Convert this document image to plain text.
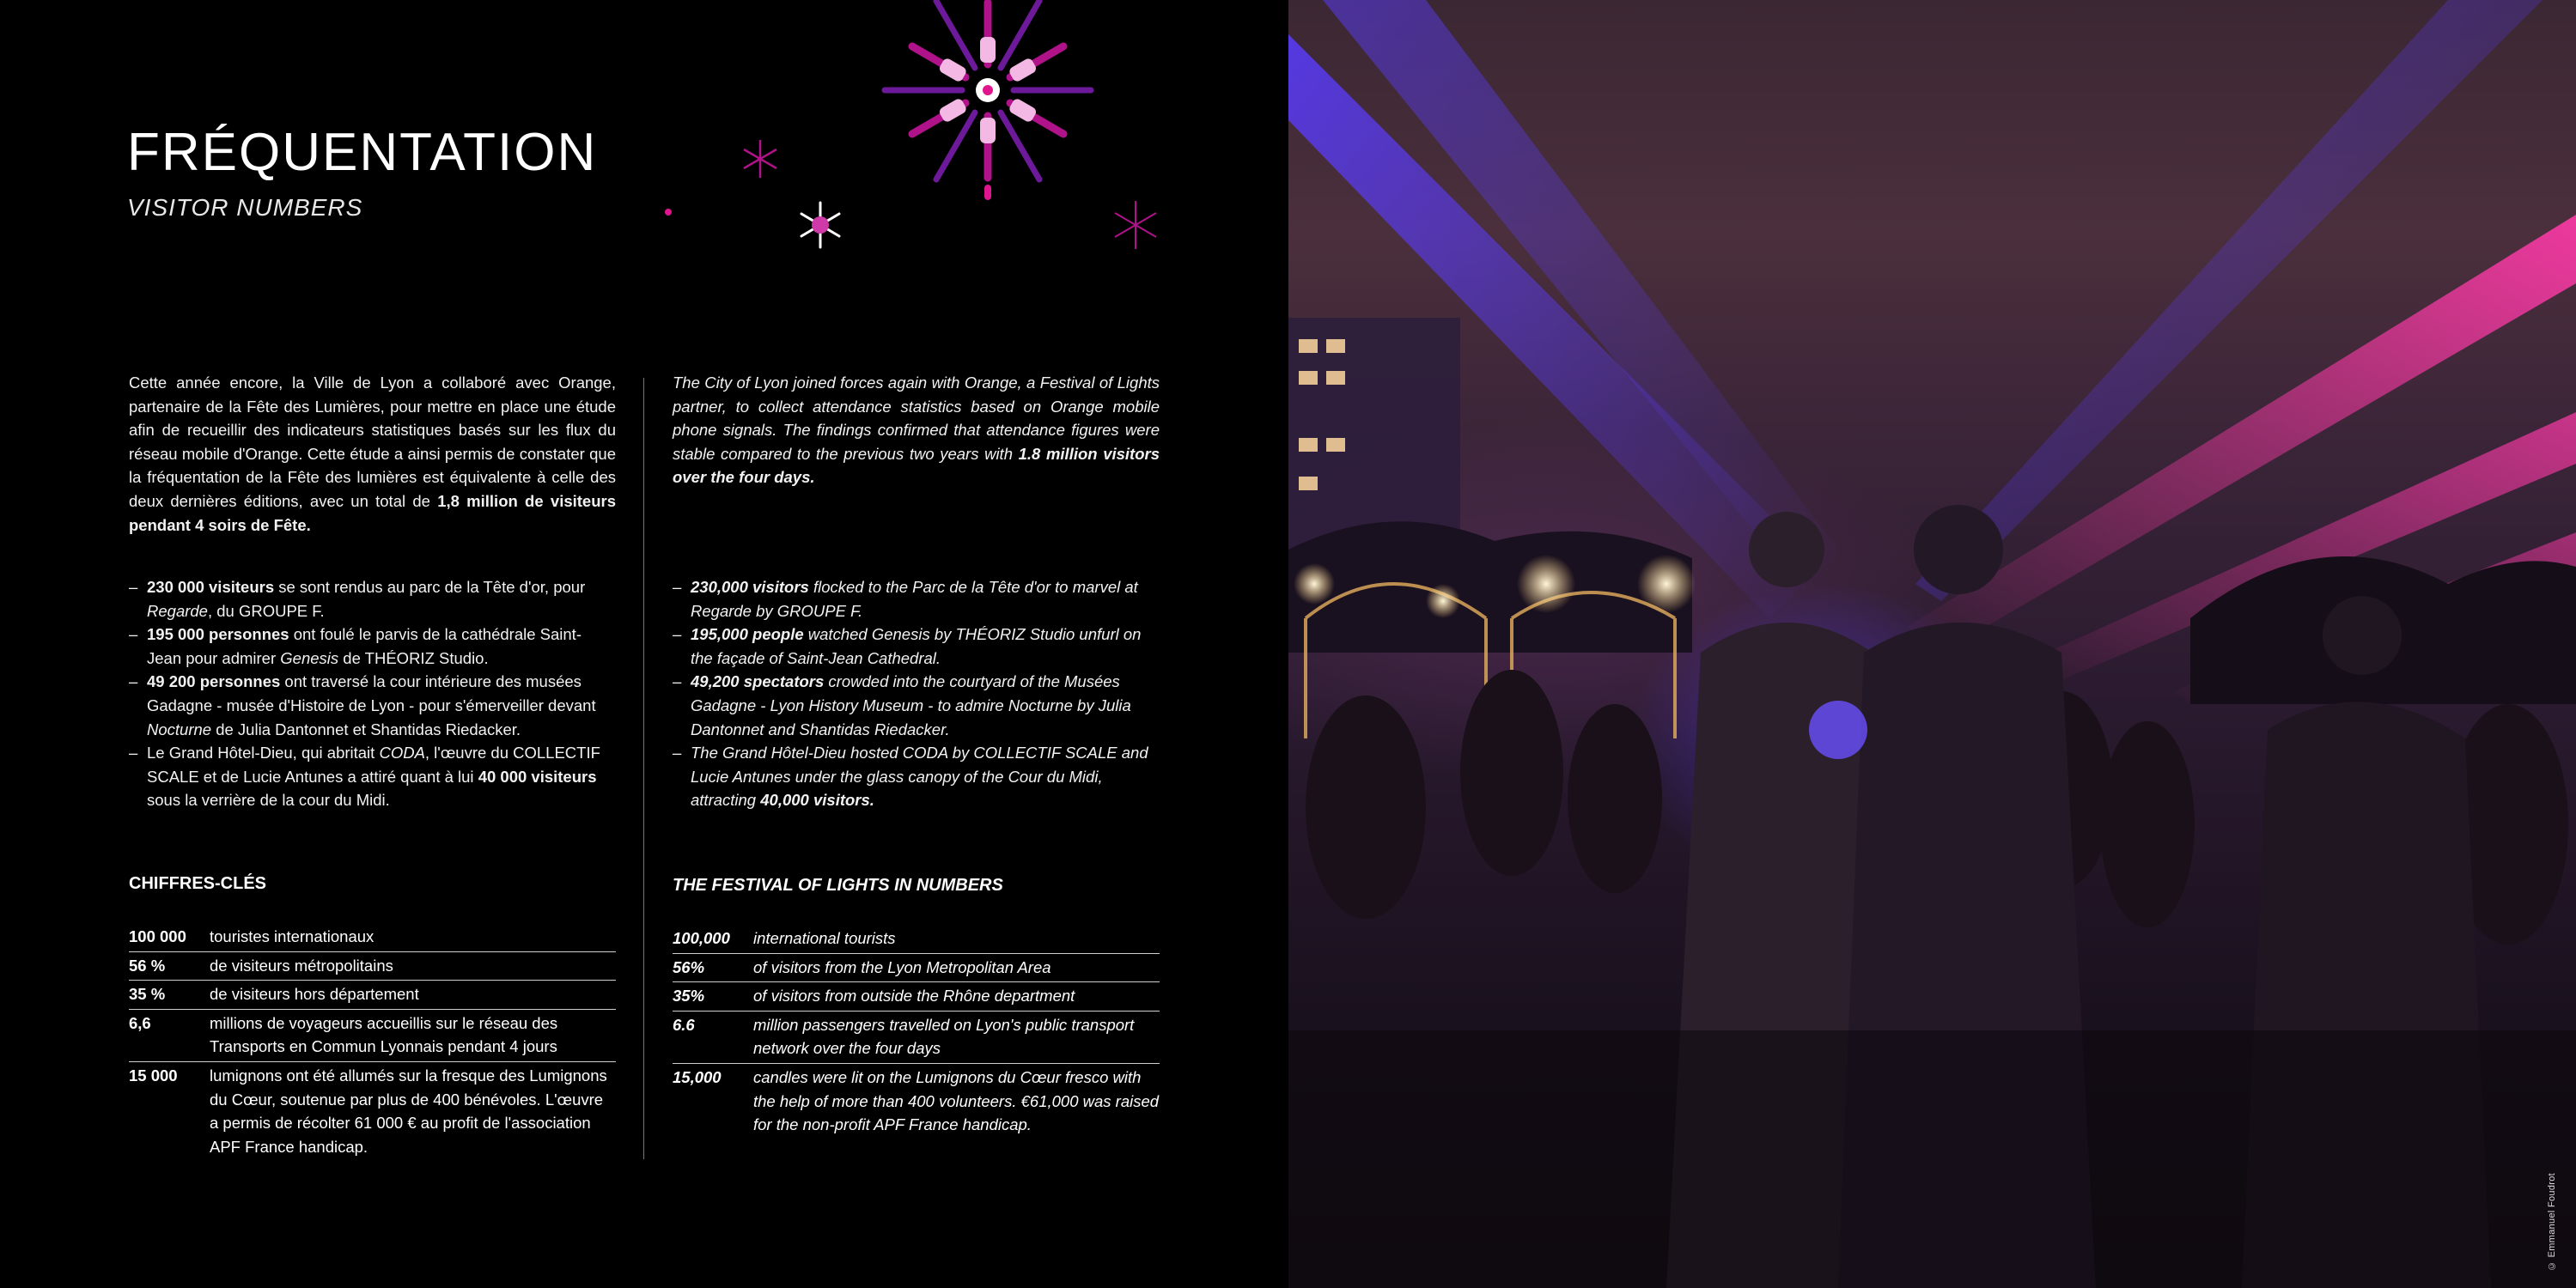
FRÉQUENTATION
VISITOR NUMBERS
Cette année encore, la Ville de Lyon a collaboré avec Orange, partenaire de la Fête des Lumières, pour mettre en place une étude afin de recueillir des indicateurs statistiques basés sur les flux du réseau mobile d'Orange. Cette étude a ainsi permis de constater que la fréquentation de la Fête des lumières est équivalente à celle des deux dernières éditions, avec un total de 1,8 million de visiteurs pendant 4 soirs de Fête.
– 230 000 visiteurs se sont rendus au parc de la Tête d'or, pour Regarde, du GROUPE F.
– 195 000 personnes ont foulé le parvis de la cathédrale Saint-Jean pour admirer Genesis de THÉORIZ Studio.
– 49 200 personnes ont traversé la cour intérieure des musées Gadagne - musée d'Histoire de Lyon - pour s'émerveiller devant Nocturne de Julia Dantonnet et Shantidas Riedacker.
– Le Grand Hôtel-Dieu, qui abritait CODA, l'œuvre du COLLECTIF SCALE et de Lucie Antunes a attiré quant à lui 40 000 visiteurs sous la verrière de la cour du Midi.
CHIFFRES-CLÉS
100 000	touristes internationaux
56 %	de visiteurs métropolitains
35 %	de visiteurs hors département
6,6	millions de voyageurs accueillis sur le réseau des Transports en Commun Lyonnais pendant 4 jours
15 000	lumignons ont été allumés sur la fresque des Lumignons du Cœur, soutenue par plus de 400 bénévoles. L'œuvre a permis de récolter 61 000 € au profit de l'association APF France handicap.
The City of Lyon joined forces again with Orange, a Festival of Lights partner, to collect attendance statistics based on Orange mobile phone signals. The findings confirmed that attendance figures were stable compared to the previous two years with 1.8 million visitors over the four days.
– 230,000 visitors flocked to the Parc de la Tête d'or to marvel at Regarde by GROUPE F.
– 195,000 people watched Genesis by THÉORIZ Studio unfurl on the façade of Saint-Jean Cathedral.
– 49,200 spectators crowded into the courtyard of the Musées Gadagne - Lyon History Museum - to admire Nocturne by Julia Dantonnet and Shantidas Riedacker.
– The Grand Hôtel-Dieu hosted CODA by COLLECTIF SCALE and Lucie Antunes under the glass canopy of the Cour du Midi, attracting 40,000 visitors.
THE FESTIVAL OF LIGHTS IN NUMBERS
100,000	international tourists
56%	of visitors from the Lyon Metropolitan Area
35%	of visitors from outside the Rhône department
6.6	million passengers travelled on Lyon's public transport network over the four days
15,000	candles were lit on the Lumignons du Cœur fresco with the help of more than 400 volunteers. €61,000 was raised for the non-profit APF France handicap.
© Emmanuel Foudrot
